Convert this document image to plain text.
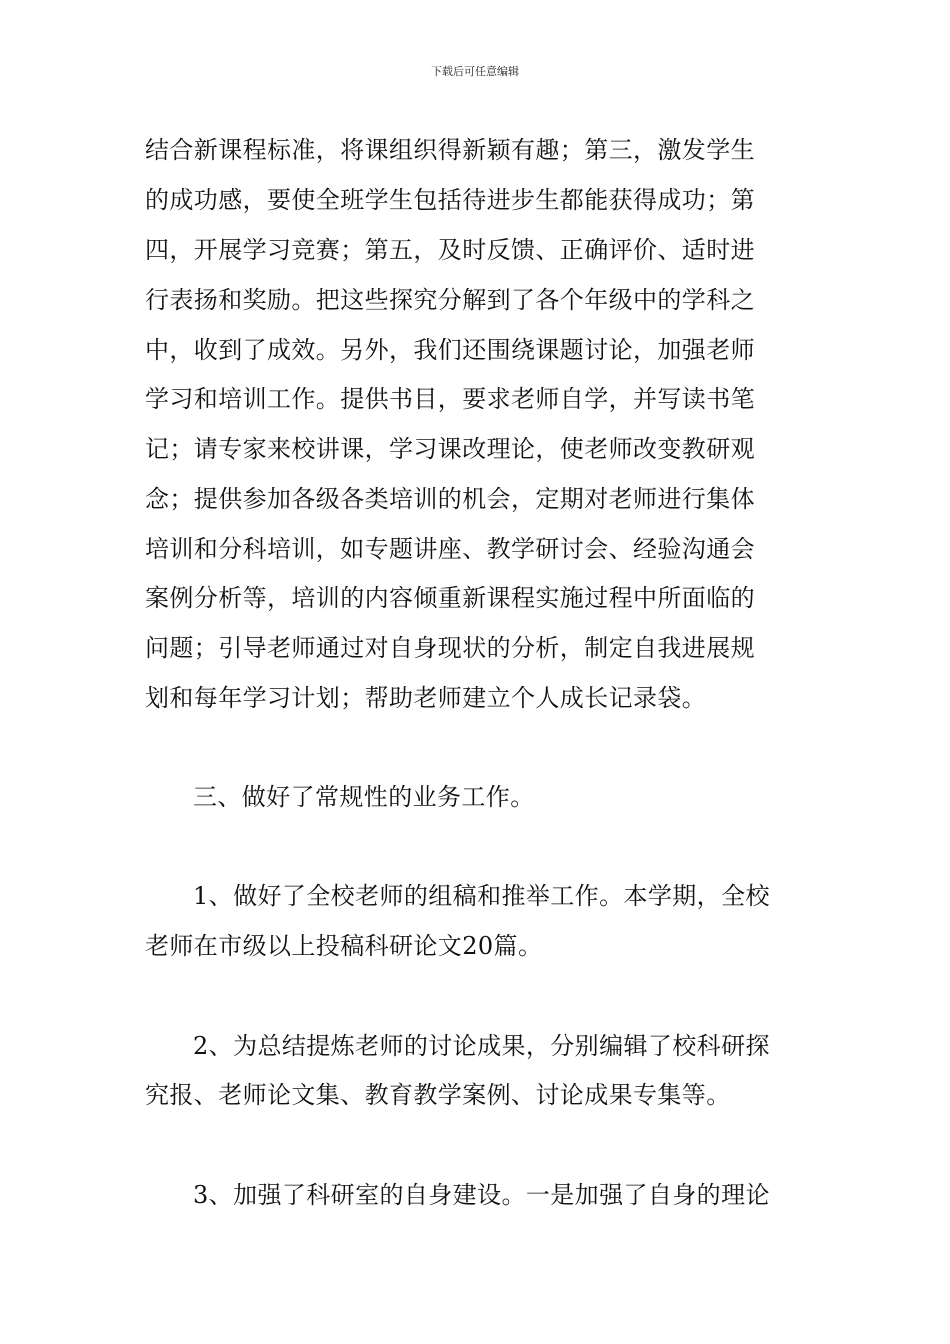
下载后可任意编辑
结合新课程标准，将课组织得新颖有趣；第三，激发学生
的成功感，要使全班学生包括待进步生都能获得成功；第
四，开展学习竞赛；第五，及时反馈、正确评价、适时进
行表扬和奖励。把这些探究分解到了各个年级中的学科之
中，收到了成效。另外，我们还围绕课题讨论，加强老师
学习和培训工作。提供书目，要求老师自学，并写读书笔
记；请专家来校讲课，学习课改理论，使老师改变教研观
念；提供参加各级各类培训的机会，定期对老师进行集体
培训和分科培训，如专题讲座、教学研讨会、经验沟通会
案例分析等，培训的内容倾重新课程实施过程中所面临的
问题；引导老师通过对自身现状的分析，制定自我进展规
划和每年学习计划；帮助老师建立个人成长记录袋。
三、做好了常规性的业务工作。
1、做好了全校老师的组稿和推举工作。本学期，全校
老师在市级以上投稿科研论文20篇。
2、为总结提炼老师的讨论成果，分别编辑了校科研探
究报、老师论文集、教育教学案例、讨论成果专集等。
3、加强了科研室的自身建设。一是加强了自身的理论
